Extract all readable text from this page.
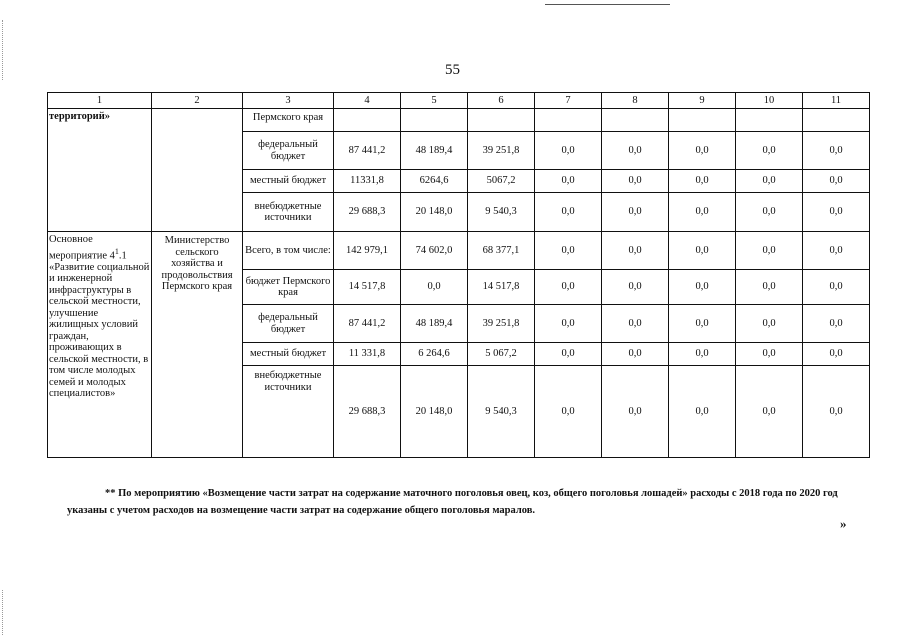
55
1	2	3	4	5	6	7	8	9	10	11
территорий»		Пермского края								
		федеральный бюджет	87 441,2	48 189,4	39 251,8	0,0	0,0	0,0	0,0	0,0
		местный бюджет	11331,8	6264,6	5067,2	0,0	0,0	0,0	0,0	0,0
		внебюджетные источники	29 688,3	20 148,0	9 540,3	0,0	0,0	0,0	0,0	0,0
Основное мероприятие $4^1.1$ «Развитие социальной и инженерной инфраструктуры в сельской местности, улучшение жилищных условий граждан, проживающих в сельской местности, в том числе молодых семей и молодых специалистов»	Министерство сельского хозяйства и продовольствия Пермского края	Всего, в том числе:	142 979,1	74 602,0	68 377,1	0,0	0,0	0,0	0,0	0,0
		бюджет Пермского края	14 517,8	0,0	14 517,8	0,0	0,0	0,0	0,0	0,0
		федеральный бюджет	87 441,2	48 189,4	39 251,8	0,0	0,0	0,0	0,0	0,0
		местный бюджет	11 331,8	6 264,6	5 067,2	0,0	0,0	0,0	0,0	0,0
		внебюджетные источники	29 688,3	20 148,0	9 540,3	0,0	0,0	0,0	0,0	0,0
** По мероприятию «Возмещение части затрат на содержание маточного поголовья овец, коз, общего поголовья лошадей» расходы с 2018 года по 2020 год указаны с учетом расходов на возмещение части затрат на содержание общего поголовья маралов.
»
